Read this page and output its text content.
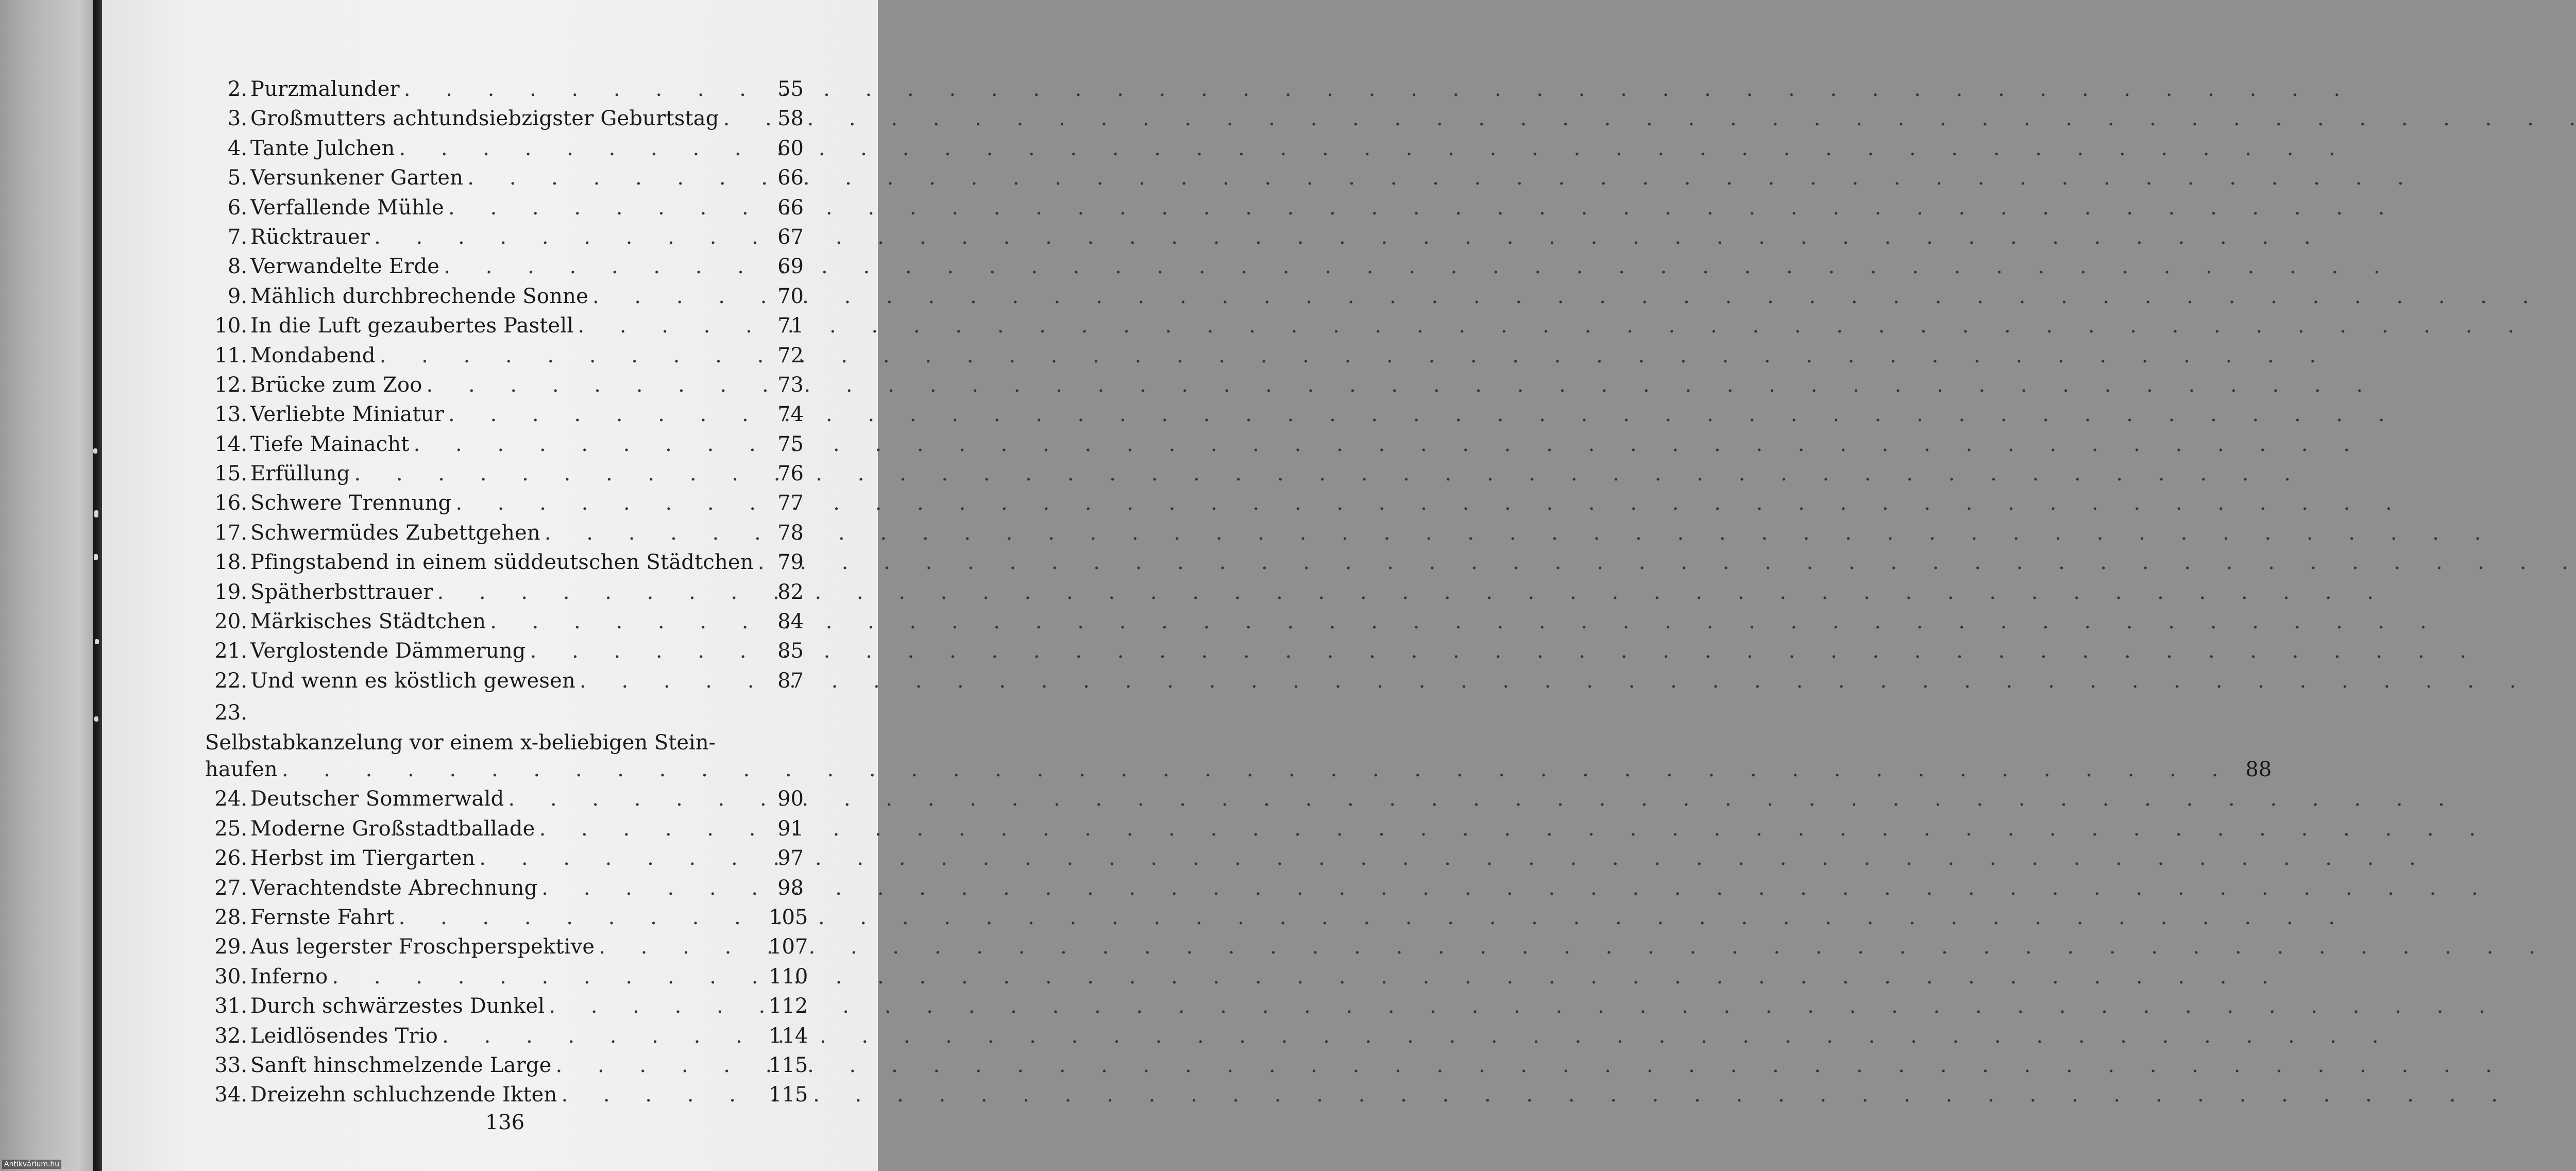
2. Purzmalunder . . .	55
3. Großmutters achtundsiebzigster Geburtstag . . .	58
4. Tante Julchen . . .	60
5. Versunkener Garten . . .	66
6. Verfallende Mühle . . .	66
7. Rücktrauer . . .	67
8. Verwandelte Erde . . .	69
9. Mählich durchbrechende Sonne . . .	70
10. In die Luft gezaubertes Pastell . . .	71
11. Mondabend . . .	72
12. Brücke zum Zoo . . .	73
13. Verliebte Miniatur . . .	74
14. Tiefe Mainacht . . .	75
15. Erfüllung . . .	76
16. Schwere Trennung . . .	77
17. Schwermüdes Zubettgehen . . .	78
18. Pfingstabend in einem süddeutschen Städtchen . . .	79
19. Spätherbsttrauer . . .	82
20. Märkisches Städtchen . . .	84
21. Verglostende Dämmerung . . .	85
22. Und wenn es köstlich gewesen . . .	87
23.
Selbstabkanzelung vor einem x-beliebigen Stein-
haufen . . .	88
24. Deutscher Sommerwald . . .	90
25. Moderne Großstadtballade . . .	91
26. Herbst im Tiergarten . . .	97
27. Verachtendste Abrechnung . . .	98
28. Fernste Fahrt . . .	105
29. Aus legerster Froschperspektive . . .	107
30. Inferno . . .	110
31. Durch schwärzestes Dunkel . . .	112
32. Leidlösendes Trio . . .	114
33. Sanft hinschmelzende Large . . .	115
34. Dreizehn schluchzende Ikten . . .	115
136
Antikvárium.hu
